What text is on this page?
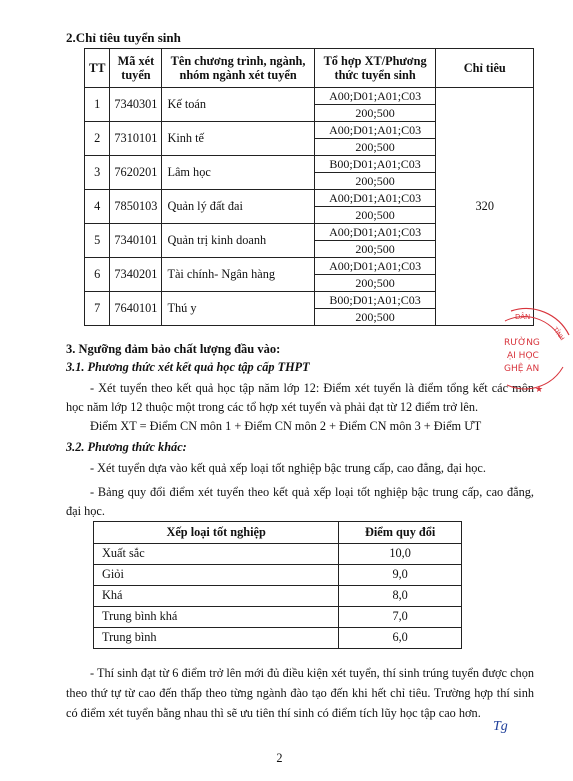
2.Chỉ tiêu tuyển sinh
TT	Mã xét tuyển	Tên chương trình, ngành, nhóm ngành xét tuyển	Tổ hợp XT/Phương thức tuyển sinh	Chỉ tiêu
1	7340301	Kế toán	A00;D01;A01;C03	320
			200;500	
2	7310101	Kinh tế	A00;D01;A01;C03	
			200;500	
3	7620201	Lâm học	B00;D01;A01;C03	
			200;500	
4	7850103	Quản lý đất đai	A00;D01;A01;C03	
			200;500	
5	7340101	Quản trị kinh doanh	A00;D01;A01;C03	
			200;500	
6	7340201	Tài chính- Ngân hàng	A00;D01;A01;C03	
			200;500	
7	7640101	Thú y	B00;D01;A01;C03	
			200;500	
3. Ngưỡng đảm bảo chất lượng đầu vào:
3.1. Phương thức xét kết quả học tập cấp THPT
- Xét tuyển theo kết quả học tập năm lớp 12: Điểm xét tuyển là điểm tổng kết các môn học năm lớp 12 thuộc một trong các tổ hợp xét tuyển và phải đạt từ 12 điểm trở lên.
Điểm XT = Điểm CN môn 1 + Điểm CN môn 2 + Điểm CN môn 3 + Điểm ƯT
3.2. Phương thức khác:
- Xét tuyển dựa vào kết quả xếp loại tốt nghiệp bậc trung cấp, cao đẳng, đại học.
- Bảng quy đổi điểm xét tuyển theo kết quả xếp loại tốt nghiệp bậc trung cấp, cao đẳng, đại học.
Xếp loại tốt nghiệp	Điểm quy đổi
Xuất sắc	10,0
Giỏi	9,0
Khá	8,0
Trung bình khá	7,0
Trung bình	6,0
- Thí sinh đạt từ 6 điểm trở lên mới đủ điều kiện xét tuyển, thí sinh trúng tuyển được chọn theo thứ tự từ cao đến thấp theo từng ngành đào tạo đến khi hết chỉ tiêu. Trường hợp thí sinh có điểm xét tuyển bằng nhau thì sẽ ưu tiên thí sinh có điểm tích lũy học tập cao hơn.
DÂN
TỈNH
RƯỜNG
ẠI HỌC
GHỆ AN
★
Tg
2
